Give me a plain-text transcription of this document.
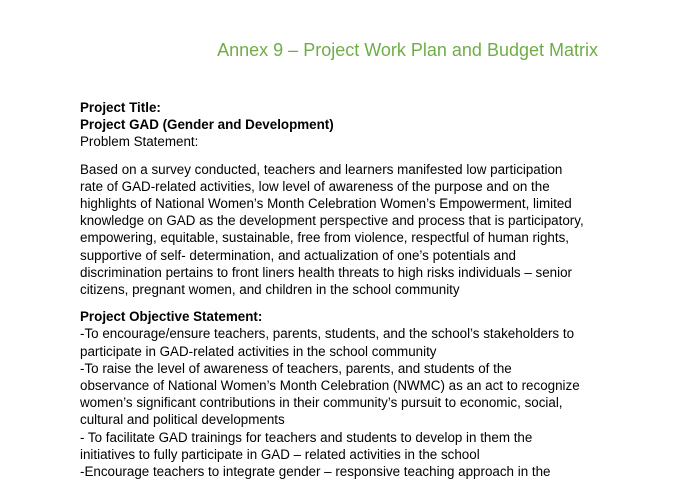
Annex 9 – Project Work Plan and Budget Matrix

Project Title:

Project GAD (Gender and Development)

Problem Statement:

Based on a survey conducted, teachers and learners manifested low participation

rate of GAD-related activities, low level of awareness of the purpose and on the

highlights of National Women’s Month Celebration Women’s Empowerment, limited

knowledge on GAD as the development perspective and process that is participatory,

empowering, equitable, sustainable, free from violence, respectful of human rights,

supportive of self- determination, and actualization of one’s potentials and

discrimination pertains to front liners health threats to high risks individuals – senior

citizens, pregnant women, and children in the school community

Project Objective Statement:

-To encourage/ensure teachers, parents, students, and the school’s stakeholders to

participate in GAD-related activities in the school community

-To raise the level of awareness of teachers, parents, and students of the

observance of National Women’s Month Celebration (NWMC) as an act to recognize

women’s significant contributions in their community’s pursuit to economic, social,

cultural and political developments

- To facilitate GAD trainings for teachers and students to develop in them the

initiatives to fully participate in GAD – related activities in the school

-Encourage teachers to integrate gender – responsive teaching approach in the
